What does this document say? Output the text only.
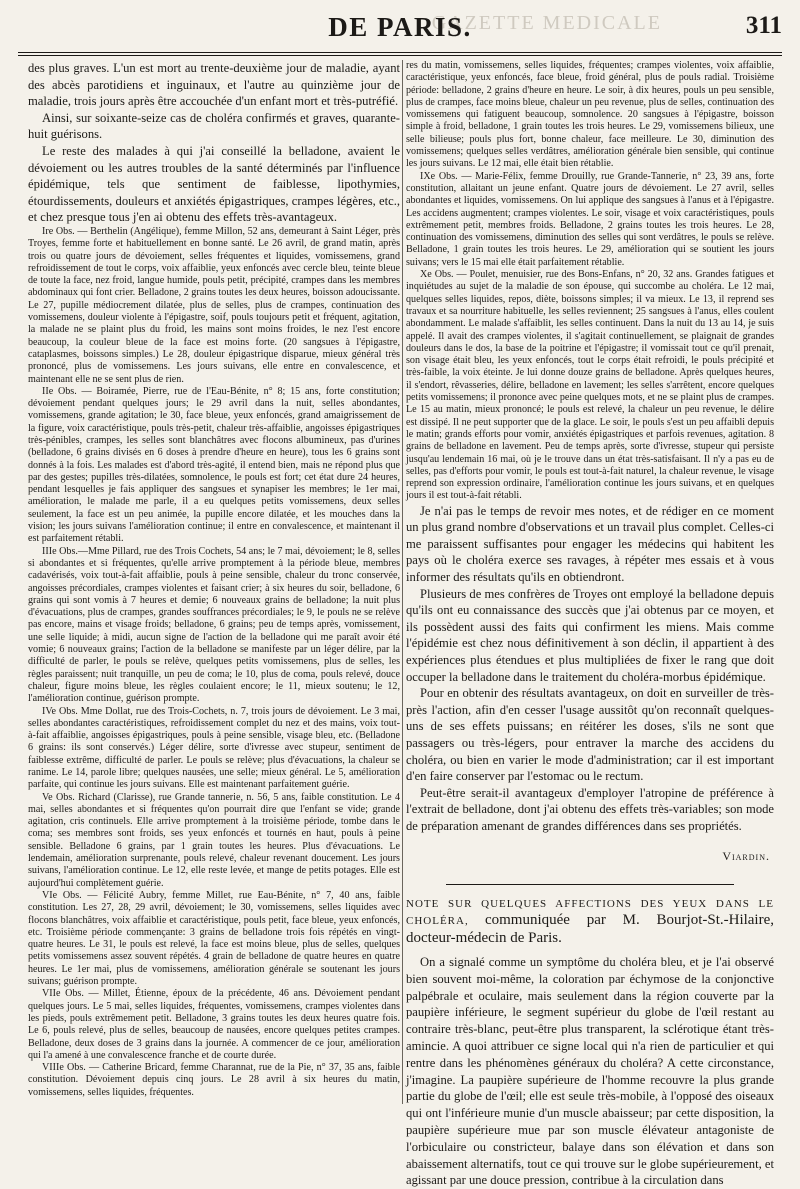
GAZETTE MEDICALE
DE PARIS.	311

des plus graves. L'un est mort au trente-deuxième jour de maladie, ayant des abcès parotidiens et inguinaux, et l'autre au quinzième jour de maladie, trois jours après être accouchée d'un enfant mort et très-putréfié.

Ainsi, sur soixante-seize cas de choléra confirmés et graves, quarante-huit guérisons.

Le reste des malades à qui j'ai conseillé la belladone, avaient le dévoiement ou les autres troubles de la santé déterminés par l'influence épidémique, tels que sentiment de faiblesse, lipothymies, étourdissements, douleurs et anxiétés épigastriques, crampes légères, etc., et chez presque tous j'en ai obtenu des effets très-avantageux.

Ire Obs. — Berthelin (Angélique), femme Millon, 52 ans, demeurant à Saint Léger, près Troyes, femme forte et habituellement en bonne santé. Le 26 avril, de grand matin, après trois ou quatre jours de dévoiement, selles fréquentes et liquides, vomissemens, grand refroidissement de tout le corps, voix affaiblie, yeux enfoncés avec cercle bleu, teinte bleue de toute la face, nez froid, langue humide, pouls petit, précipité, crampes dans les membres abdominaux qui font crier. Belladone, 2 grains toutes les deux heures, boisson adoucissante. Le 27, pupille médiocrement dilatée, plus de selles, plus de crampes, continuation des vomissemens, douleur violente à l'épigastre, soif, pouls toujours petit et fréquent, agitation, la malade ne se plaint plus du froid, les mains sont moins froides, le nez l'est encore beaucoup, la couleur bleue de la face est moins forte. (20 sangsues à l'épigastre, cataplasmes, boissons simples.) Le 28, douleur épigastrique disparue, mieux général très prononcé, plus de vomissemens. Les jours suivans, elle entre en convalescence, et maintenant elle ne se sent plus de rien.

IIe Obs. — Boiramée, Pierre, rue de l'Eau-Bénite, n° 8; 15 ans, forte constitution; dévoiement pendant quelques jours; le 29 avril dans la nuit, selles abondantes, vomissemens, grande agitation; le 30, face bleue, yeux enfoncés, grand amaigrissement de la figure, voix caractéristique, pouls très-petit, chaleur très-affaiblie, angoisses épigastriques très-pénibles, crampes, les selles sont blanchâtres avec flocons albumineux, pas d'urines (belladone, 6 grains divisés en 6 doses à prendre d'heure en heure), tous les 6 grains sont donnés à la fois. Les malades est d'abord très-agité, il entend bien, mais ne répond plus que par des gestes; pupilles très-dilatées, somnolence, le pouls est fort; cet état dure 24 heures, pendant lesquelles je fais appliquer des sangsues et synapiser les membres; le 1er mai, amélioration, le malade me parle, il a eu quelques petits vomissemens, deux selles seulement, la face est un peu animée, la pupille encore dilatée, et les mouches dans la vision; les jours suivans l'amélioration continue; il entre en convalescence, et maintenant il est parfaitement rétabli.

IIIe Obs.—Mme Pillard, rue des Trois Cochets, 54 ans; le 7 mai, dévoiement; le 8, selles si abondantes et si fréquentes, qu'elle arrive promptement à la période bleue, membres cadavérisés, voix tout-à-fait affaiblie, pouls à peine sensible, chaleur du tronc conservée, angoisses précordiales, crampes violentes et faisant crier; à six heures du soir, belladone, 6 grains qui sont vomis à 7 heures et demie; 6 nouveaux grains de belladone; la nuit plus d'évacuations, plus de crampes, grandes souffrances précordiales; le 9, le pouls ne se relève pas encore, mains et visage froids; belladone, 6 grains; peu de temps après, vomissement, une selle liquide; à midi, aucun signe de l'action de la belladone qui me paraît avoir été vomie; 6 nouveaux grains; l'action de la belladone se manifeste par un léger délire, par la difficulté de parler, le pouls se relève, quelques petits vomissemens, plus de selles, les règles paraissent; nuit tranquille, un peu de coma; le 10, plus de coma, pouls relevé, douce chaleur, figure moins bleue, les règles coulaient encore; le 11, mieux soutenu; le 12, l'amélioration continue, guérison prompte.

IVe Obs. Mme Dollat, rue des Trois-Cochets, n. 7, trois jours de dévoiement. Le 3 mai, selles abondantes caractéristiques, refroidissement complet du nez et des mains, voix tout-à-fait affaiblie, angoisses épigastriques, pouls à peine sensible, visage bleu, etc. (Belladone 6 grains: ils sont conservés.) Léger délire, sorte d'ivresse avec stupeur, sentiment de faiblesse extrême, difficulté de parler. Le pouls se relève; plus d'évacuations, la chaleur se ranime. Le 14, parole libre; quelques nausées, une selle; mieux général. Le 5, amélioration parfaite, qui continue les jours suivans. Elle est maintenant parfaitement guérie.

Ve Obs. Richard (Clarisse), rue Grande tannerie, n. 56, 5 ans, faible constitution. Le 4 mai, selles abondantes et si fréquentes qu'on pourrait dire que l'enfant se vide; grande agitation, cris continuels. Elle arrive promptement à la troisième période, tombe dans le coma; ses membres sont froids, ses yeux enfoncés et tournés en haut, pouls à peine sensible. Belladone 6 grains, par 1 grain toutes les heures. Plus d'évacuations. Le lendemain, amélioration surprenante, pouls relevé, chaleur revenant doucement. Les jours suivans, l'amélioration continue. Le 12, elle reste levée, et mange de petits potages. Elle est aujourd'hui complètement guérie.

VIe Obs. — Félicité Aubry, femme Millet, rue Eau-Bénite, n° 7, 40 ans, faible constitution. Les 27, 28, 29 avril, dévoiement; le 30, vomissemens, selles liquides avec flocons blanchâtres, voix affaiblie et caractéristique, pouls petit, face bleue, yeux enfoncés, etc. Troisième période commençante: 3 grains de belladone trois fois répétés en vingt-quatre heures. Le 31, le pouls est relevé, la face est moins bleue, plus de selles, quelques petits vomissemens assez souvent répétés. 4 grain de belladone de quatre heures en quatre heures. Le 1er mai, plus de vomissemens, amélioration générale se soutenant les jours suivans; guérison prompte.

VIIe Obs. — Millet, Étienne, époux de la précédente, 46 ans. Dévoiement pendant quelques jours. Le 5 mai, selles liquides, fréquentes, vomissemens, crampes violentes dans les pieds, pouls extrêmement petit. Belladone, 3 grains toutes les deux heures quatre fois. Le 6, pouls relevé, plus de selles, beaucoup de nausées, encore quelques petites crampes. Belladone, deux doses de 3 grains dans la journée. A commencer de ce jour, amélioration qui l'a amené à une convalescence franche et de courte durée.

VIIIe Obs. — Catherine Bricard, femme Charannat, rue de la Pie, n° 37, 35 ans, faible constitution. Dévoiement depuis cinq jours. Le 28 avril à six heures du matin, vomissemens, selles liquides, fréquentes.

res du matin, vomissemens, selles liquides, fréquentes; crampes violentes, voix affaiblie, caractéristique, yeux enfoncés, face bleue, froid général, plus de pouls radial. Troisième période: belladone, 2 grains d'heure en heure. Le soir, à dix heures, pouls un peu sensible, plus de crampes, face moins bleue, chaleur un peu revenue, plus de selles, continuation des vomissemens qui fatiguent beaucoup, somnolence. 20 sangsues à l'épigastre, boisson simple à froid, belladone, 1 grain toutes les trois heures. Le 29, vomissemens bilieux, une selle bilieuse; pouls plus fort, bonne chaleur, face meilleure. Le 30, diminution des vomissemens; quelques selles verdâtres, amélioration générale bien sensible, qui continue les jours suivans. Le 12 mai, elle était bien rétablie.

IXe Obs. — Marie-Félix, femme Drouilly, rue Grande-Tannerie, n° 23, 39 ans, forte constitution, allaitant un jeune enfant. Quatre jours de dévoiement. Le 27 avril, selles abondantes et liquides, vomissemens. On lui applique des sangsues à l'anus et à l'épigastre. Les accidens augmentent; crampes violentes. Le soir, visage et voix caractéristiques, pouls extrêmement petit, membres froids. Belladone, 2 grains toutes les trois heures. Le 28, continuation des vomissemens, diminution des selles qui sont verdâtres, le pouls se relève. Belladone, 1 grain toutes les trois heures. Le 29, amélioration qui se soutient les jours suivans; vers le 15 mai elle était parfaitement rétablie.

Xe Obs. — Poulet, menuisier, rue des Bons-Enfans, n° 20, 32 ans. Grandes fatigues et inquiétudes au sujet de la maladie de son épouse, qui succombe au choléra. Le 12 mai, quelques selles liquides, repos, diète, boissons simples; il va mieux. Le 13, il reprend ses travaux et sa nourriture habituelle, les selles reviennent; 25 sangsues à l'anus, elles coulent abondamment. Le malade s'affaiblit, les selles continuent. Dans la nuit du 13 au 14, je suis appelé. Il avait des crampes violentes, il s'agitait continuellement, se plaignait de grandes douleurs dans le dos, la base de la poitrine et l'épigastre; il vomissait tout ce qu'il prenait, son visage était bleu, les yeux enfoncés, tout le corps était refroidi, le pouls précipité et très-faible, la voix éteinte. Je lui donne douze grains de belladone. Après quelques heures, il s'endort, rêvasseries, délire, belladone en lavement; les selles s'arrêtent, encore quelques petits vomissemens; il prononce avec peine quelques mots, et ne se plaint plus de crampes. Le 15 au matin, mieux prononcé; le pouls est relevé, la chaleur un peu revenue, le délire est dissipé. Il ne peut supporter que de la glace. Le soir, le pouls s'est un peu affaibli depuis le matin; grands efforts pour vomir, anxiétés épigastriques et parfois revenues, agitation. 8 grains de belladone en lavement. Peu de temps après, sorte d'ivresse, stupeur qui persiste jusqu'au lendemain 16 mai, où je le trouve dans un état très-satisfaisant. Il n'y a pas eu de selles, pas d'efforts pour vomir, le pouls est tout-à-fait naturel, la chaleur revenue, le visage reprend son expression ordinaire, l'amélioration continue les jours suivans, et en quelques jours il est tout-à-fait rétabli.

Je n'ai pas le temps de revoir mes notes, et de rédiger en ce moment un plus grand nombre d'observations et un travail plus complet. Celles-ci me paraissent suffisantes pour engager les médecins qui habitent les pays où le choléra exerce ses ravages, à répéter mes essais et à vous informer des résultats qu'ils en obtiendront.

Plusieurs de mes confrères de Troyes ont employé la belladone depuis qu'ils ont eu connaissance des succès que j'ai obtenus par ce moyen, et ils possèdent aussi des faits qui confirment les miens. Mais comme l'épidémie est chez nous définitivement à son déclin, il appartient à des expériences plus étendues et plus multipliées de fixer le rang que doit occuper la belladone dans le traitement du choléra-morbus épidémique.

Pour en obtenir des résultats avantageux, on doit en surveiller de très-près l'action, afin d'en cesser l'usage aussitôt qu'on reconnaît quelques-uns de ses effets puissans; en réitérer les doses, s'ils ne sont que passagers ou très-légers, pour entraver la marche des accidens du choléra, ou bien en varier le mode d'administration; car il est important d'en faire conserver par l'estomac ou le rectum.

Peut-être serait-il avantageux d'employer l'atropine de préférence à l'extrait de belladone, dont j'ai obtenu des effets très-variables; son mode de préparation amenant de grandes différences dans ses propriétés.

Viardin.

NOTE SUR QUELQUES AFFECTIONS DES YEUX DANS LE CHOLÉRA, communiquée par M. Bourjot-St.-Hilaire, docteur-médecin de Paris.

On a signalé comme un symptôme du choléra bleu, et je l'ai observé bien souvent moi-même, la coloration par échymose de la conjonctive palpébrale et oculaire, mais seulement dans la région couverte par la paupière inférieure, le segment supérieur du globe de l'œil restant au contraire très-blanc, peut-être plus transparent, la sclérotique étant très-amincie. A quoi attribuer ce signe local qui n'a rien de particulier et qui rentre dans les phénomènes généraux du choléra? A cette circonstance, j'imagine. La paupière supérieure de l'homme recouvre la plus grande partie du globe de l'œil; elle est seule très-mobile, à l'opposé des oiseaux qui ont l'inférieure munie d'un muscle abaisseur; par cette disposition, la paupière supérieure mue par son muscle élévateur antagoniste de l'orbiculaire ou constricteur, balaye dans son élévation et dans son abaissement alternatifs, tout ce qui trouve sur le globe supérieurement, et agissant par une douce pression, contribue à la circulation dans
